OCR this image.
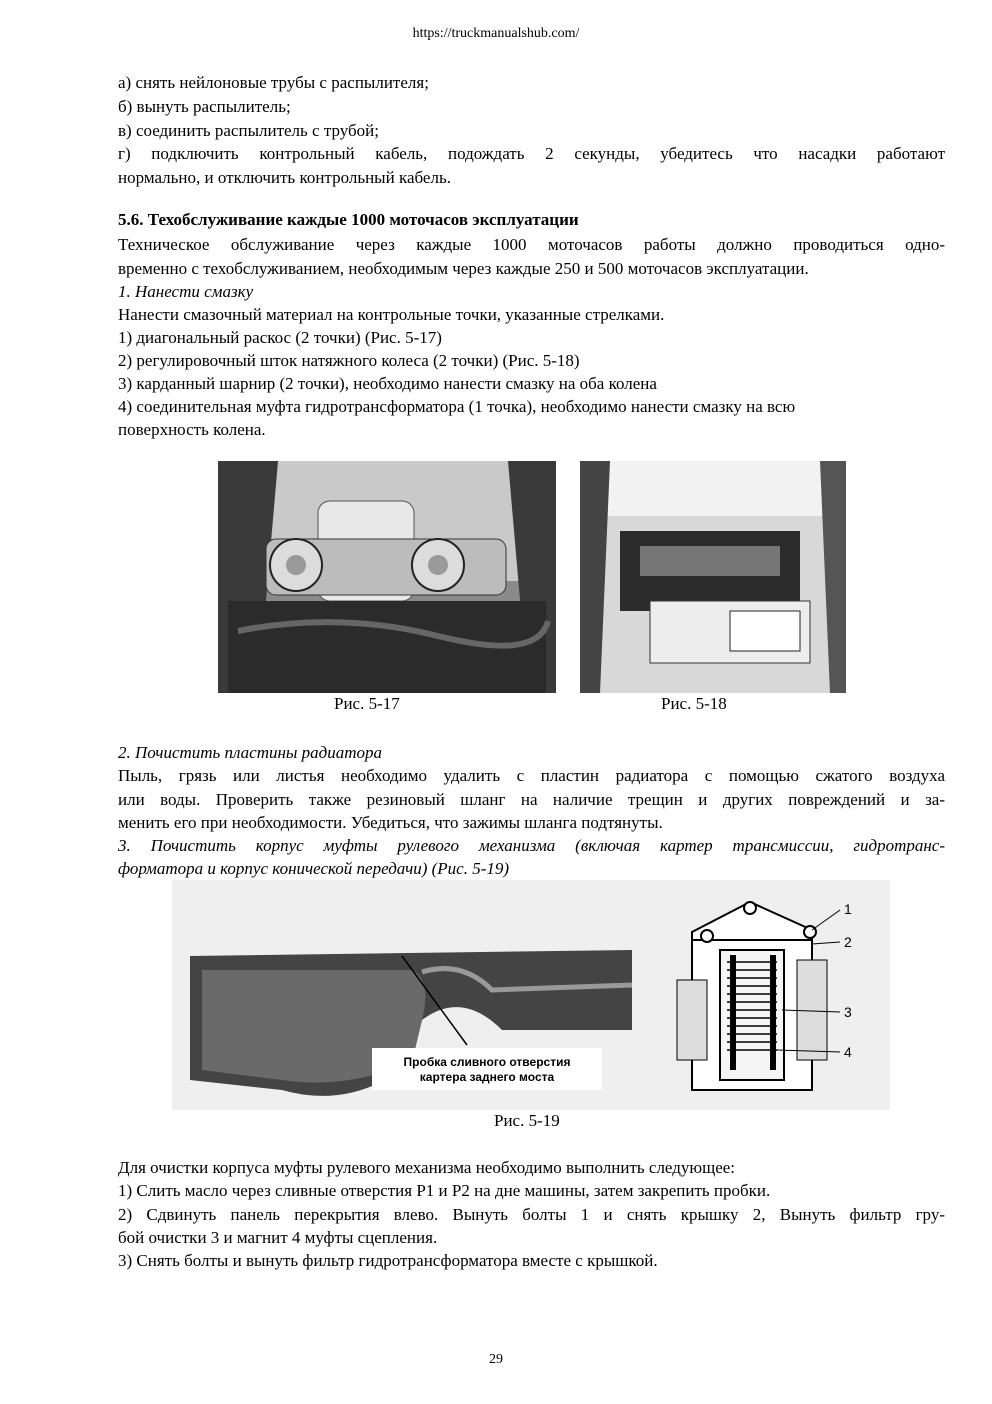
https://truckmanualshub.com/
а) снять нейлоновые трубы с распылителя;
б) вынуть распылитель;
в) соединить распылитель с трубой;
г) подключить контрольный кабель, подождать 2 секунды, убедитесь что насадки работают
нормально, и отключить контрольный кабель.
5.6. Техобслуживание каждые 1000 моточасов эксплуатации
Техническое обслуживание через каждые 1000 моточасов работы должно проводиться одно-
временно с техобслуживанием, необходимым через каждые 250 и 500 моточасов эксплуатации.
1. Нанести смазку
Нанести смазочный материал на контрольные точки, указанные стрелками.
1) диагональный раскос (2 точки) (Рис. 5-17)
2) регулировочный шток натяжного колеса (2 точки) (Рис. 5-18)
3) карданный шарнир (2 точки), необходимо нанести смазку на оба колена
4) соединительная муфта гидротрансформатора (1 точка), необходимо нанести смазку на всю
поверхность колена.
Рис. 5-17	Рис. 5-18
2. Почистить пластины радиатора
Пыль, грязь или листья необходимо удалить с пластин радиатора с помощью сжатого воздуха
или воды. Проверить также резиновый шланг на наличие трещин и других повреждений и за-
менить его при необходимости. Убедиться, что зажимы шланга подтянуты.
3. Почистить корпус муфты рулевого механизма (включая картер трансмиссии, гидротранс-
форматора и корпус конической передачи) (Рис. 5-19)
Пробка сливного отверстия
картера заднего моста
1
2
3
4
Рис. 5-19
Для очистки корпуса муфты рулевого механизма необходимо выполнить следующее:
1) Слить масло через сливные отверстия P1 и P2 на дне машины, затем закрепить пробки.
2) Сдвинуть панель перекрытия влево. Вынуть болты 1 и снять крышку 2, Вынуть фильтр гру-
бой очистки 3 и магнит 4 муфты сцепления.
3) Снять болты и вынуть фильтр гидротрансформатора вместе с крышкой.
29
